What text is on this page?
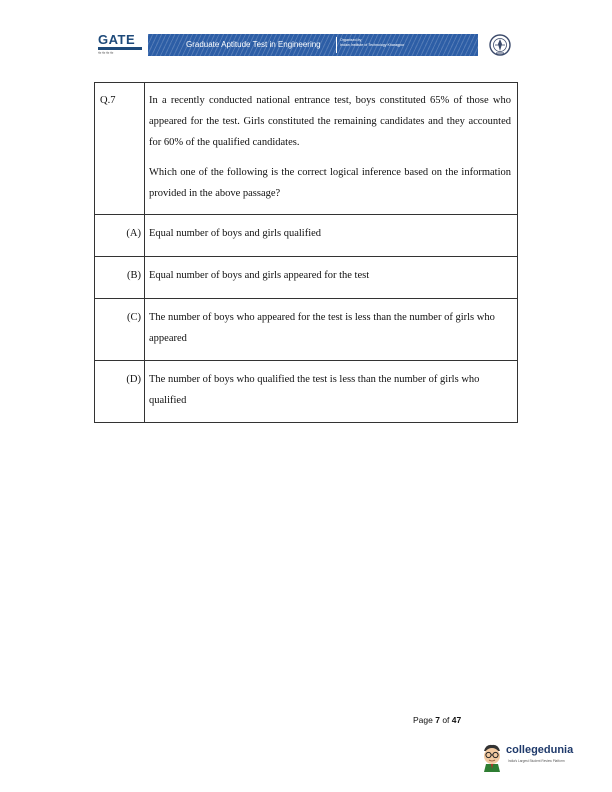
GATE
गेट गेट गेट गेट
Graduate Aptitude Test in Engineering	Organised by
Indian Institute of Technology Kharagpur
Q.7	In a recently conducted national entrance test, boys constituted 65% of those who appeared for the test. Girls constituted the remaining candidates and they accounted for 60% of the qualified candidates.

Which one of the following is the correct logical inference based on the information provided in the above passage?

(A)	Equal number of boys and girls qualified
(B)	Equal number of boys and girls appeared for the test
(C)	The number of boys who appeared for the test is less than the number of girls who appeared
(D)	The number of boys who qualified the test is less than the number of girls who qualified
Page 7 of 47
collegedunia
India's Largest Student Review Platform
